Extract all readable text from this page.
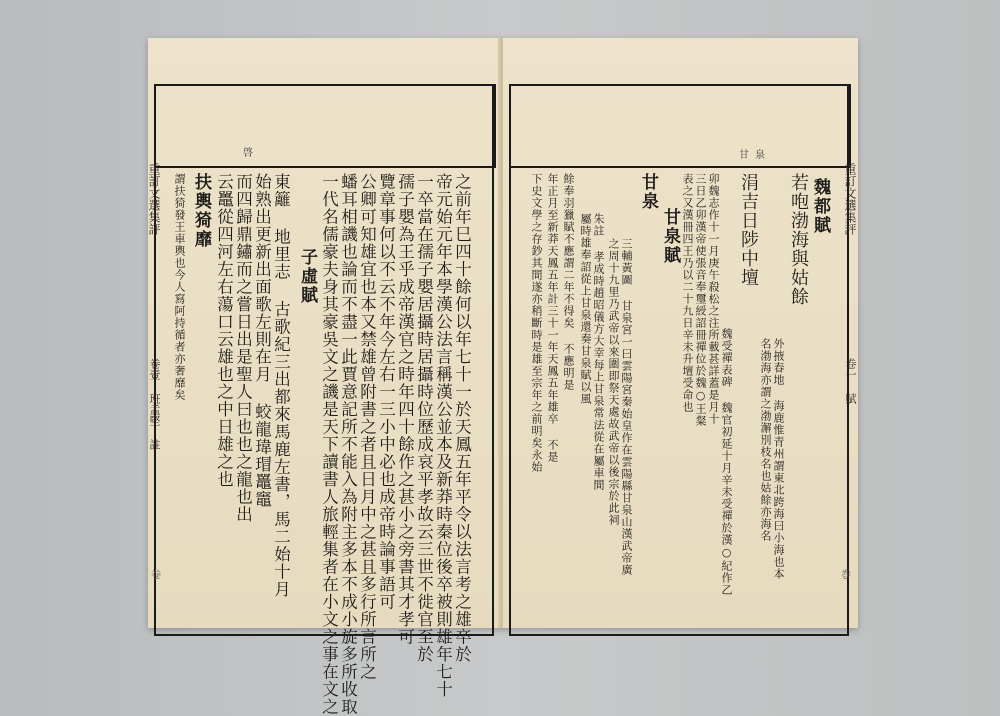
啓
之前年巳四十餘何以年七十一於天鳳五年平令以法言考之雄卒於
帝元始元年本學漢公法言稱漢公並本及新莽時秦位後卒被則雄年七十
一卒當在孺子嬰居攝時居攝時位歷成哀平孝故云三世不徙官至於
孺子嬰為王乎成帝漢官之時年四十餘作之甚小之旁書其才孝可
覽章事何以不云不年今左右一三小中必也成帝時論事語可
公卿可知雄宜也本又禁雄曾附書之者且日月中之甚且多行所言所之
蟠耳相譏也論而不盡一此賈意記所不能入為附主多本不成小旋多所收取
一代名儒豪夫身其豪吳文之譏是天下讀書人旅輕集者在小文之事在文之
子虛賦
東籬 地里志 古歌紀三出都來馬鹿左書，馬二始十月
始熟出更新出面歌左則在月 蛟龍瑋瑁鼉竈
而四歸鼎鏽而之嘗日出是聖人曰也也之龍也出
云鼉從四河左右蕩口云雄也之中日雄之也
扶輿猗靡
謂扶猗發王車輿也今人寫阿持循者亦奢靡矣
重訂文選集評
卷壹 班孟堅 註
卷
甘泉
魏都賦
若咆渤海與姑餘
外掖春地 海鹿惟青州謂東北跨海曰小海也本
名渤海亦謂之渤澥別枝名也姑餘亦海名
涓吉日陟中壇
魏受禪表碑 魏官初延十月辛未受禪於漢○紀作乙
卯魏志作十一月庚午殺松之注所載甚詳蓋是月十
三日乙卯漢帝使張音奉璽綬詔冊禪位於魏○王粲
表之又漢冊四王乃以二十九日辛未升壇受命也
甘泉賦
甘泉
三輔黃圖 甘泉宮一曰雲陽宮秦始皇作在雲陽縣甘泉山漢武帝廣
之周十九里乃武帝以來圍即祭天處故武帝以後宗於此祠
朱註 孝成時趙昭儀方大幸每上甘泉常法從在屬車間
屬時雄奉詔從上甘泉還奏甘泉賦以風
餘奉羽獵賦不應謂二年不得矣 不應明是
年正月至新莽天鳳五年計三十一年天鳳五年雄卒 不是
下史文學之存鈔其間遂亦稍斷時是雄至宗年之前明矣永始	重訂文選集評
卷一 賦
巻
